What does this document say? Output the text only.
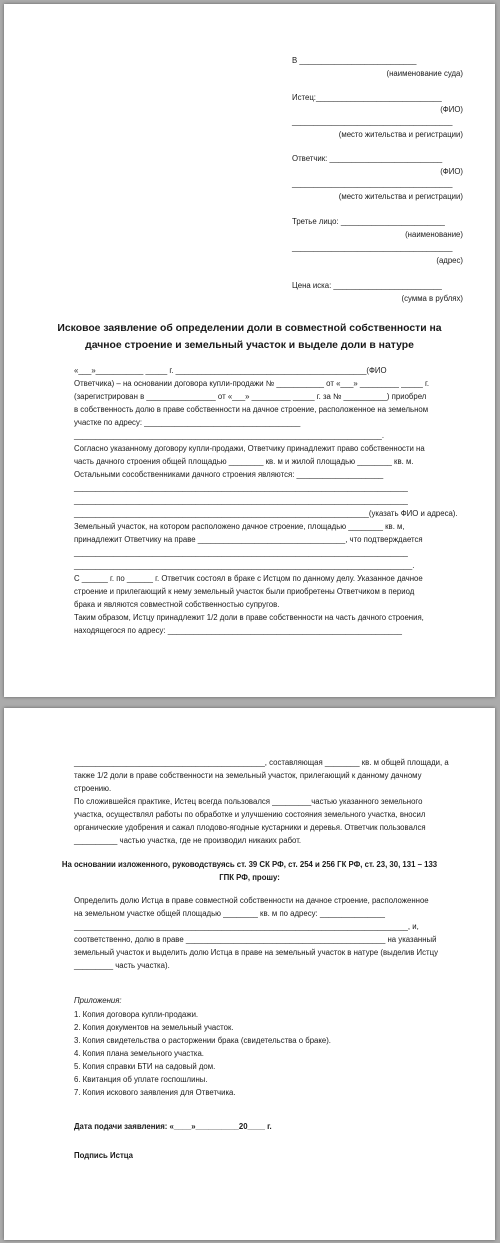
В ___________________________
(наименование суда)
Истец:_____________________________
(ФИО)
_____________________________________
(место жительства и регистрации)
Ответчик: __________________________
(ФИО)
_____________________________________
(место жительства и регистрации)
Третье лицо: ________________________
(наименование)
_____________________________________
(адрес)
Цена иска: _________________________
(сумма в рублях)
Исковое заявление об определении доли в совместной собственности на
дачное строение и земельный участок и выделе доли в натуре
«___»___________ _____ г. ____________________________________________(ФИО
Ответчика) – на основании договора купли-продажи № ___________ от «___» _________ _____ г.
(зарегистрирован в ________________ от «___» _________ _____ г. за № __________) приобрел
в собственность долю в праве собственности на дачное строение, расположенное на земельном
участке по адресу: ____________________________________
_______________________________________________________________________.
Согласно указанному договору купли-продажи, Ответчику принадлежит право собственности на
часть дачного строения общей площадью ________ кв. м и жилой площадью ________ кв. м.
Остальными сособственниками дачного строения являются: ____________________
_____________________________________________________________________________
_____________________________________________________________________________
____________________________________________________________________(указать ФИО и адреса).
Земельный участок, на котором расположено дачное строение, площадью ________ кв. м,
принадлежит Ответчику на праве __________________________________, что подтверждается
_____________________________________________________________________________
______________________________________________________________________________.
С ______ г. по ______ г. Ответчик состоял в браке с Истцом по данному делу. Указанное дачное
строение и прилегающий к нему земельный участок были приобретены Ответчиком в период
брака и являются совместной собственностью супругов.
Таким образом, Истцу принадлежит 1/2 доли в праве собственности на часть дачного строения,
находящегося по адресу: ______________________________________________________
____________________________________________, составляющая ________ кв. м общей площади, а
также 1/2 доли в праве собственности на земельный участок, прилегающий к данному дачному
строению.
По сложившейся практике, Истец всегда пользовался _________частью указанного земельного
участка, осуществлял работы по обработке и улучшению состояния земельного участка, вносил
органические удобрения и сажал плодово-ягодные кустарники и деревья. Ответчик пользовался
__________ частью участка, где не производил никаких работ.
На основании изложенного, руководствуясь ст. 39 СК РФ, ст. 254 и 256 ГК РФ, ст. 23, 30, 131 – 133
ГПК РФ, прошу:
Определить долю Истца в праве совместной собственности на дачное строение, расположенное
на земельном участке общей площадью ________ кв. м по адресу: _______________
_____________________________________________________________________________, и,
соответственно, долю в праве ______________________________________________ на указанный
земельный участок и выделить долю Истца в праве на земельный участок в натуре (выделив Истцу
_________ часть участка).
Приложения:
1. Копия договора купли-продажи.
2. Копия документов на земельный участок.
3. Копия свидетельства о расторжении брака (свидетельства о браке).
4. Копия плана земельного участка.
5. Копия справки БТИ на садовый дом.
6. Квитанция об уплате госпошлины.
7. Копия искового заявления для Ответчика.
Дата подачи заявления: «____»__________20____ г.
Подпись Истца
